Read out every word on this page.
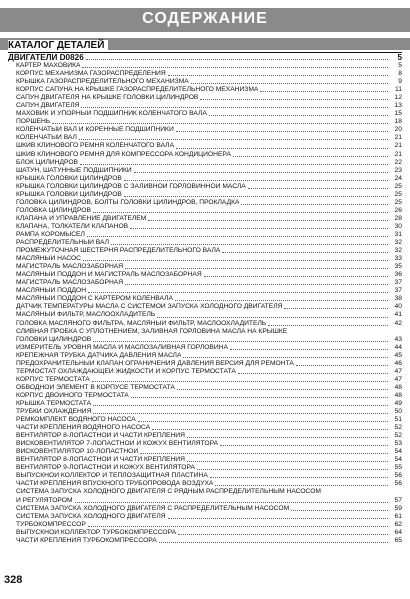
СОДЕРЖАНИЕ
КАТАЛОГ ДЕТАЛЕЙ
ДВИГАТЕЛИ D0826	5
КАРТЕР МАХОВИКА	5
КОРПУС МЕХАНИЗМА ГАЗОРАСПРЕДЕЛЕНИЯ	8
КРЫШКА ГАЗОРАСПРЕДЕЛИТЕЛЬНОГО МЕХАНИЗМА	9
КОРПУС САПУНА НА КРЫШКЕ ГАЗОРАСПРЕДЕЛИТЕЛЬНОГО МЕХАНИЗМА	11
САПУН ДВИГАТЕЛЯ НА КРЫШКЕ ГОЛОВКИ ЦИЛИНДРОВ	12
САПУН ДВИГАТЕЛЯ	13
МАХОВИК И УПОРНЫЙ ПОДШИПНИК КОЛЕНЧАТОГО ВАЛА	15
ПОРШЕНЬ	18
КОЛЕНЧАТЫЙ ВАЛ И КОРЕННЫЕ ПОДШИПНИКИ	20
КОЛЕНЧАТЫЙ ВАЛ	21
ШКИВ КЛИНОВОГО РЕМНЯ КОЛЕНЧАТОГО ВАЛА	21
ШКИВ КЛИНОВОГО РЕМНЯ ДЛЯ КОМПРЕССОРА КОНДИЦИОНЕРА	21
БЛОК ЦИЛИНДРОВ	22
ШАТУН, ШАТУННЫЕ ПОДШИПНИКИ	23
КРЫШКА ГОЛОВКИ ЦИЛИНДРОВ	24
КРЫШКА ГОЛОВКИ ЦИЛИНДРОВ С ЗАЛИВНОЙ ГОРЛОВИННОЙ МАСЛА	25
КРЫШКА ГОЛОВКИ ЦИЛИНДРОВ	25
ГОЛОВКА ЦИЛИНДРОВ, БОЛТЫ ГОЛОВКИ ЦИЛИНДРОВ, ПРОКЛАДКА	25
ГОЛОВКА ЦИЛИНДРОВ	26
КЛАПАНА И УПРАВЛЕНИЕ ДВИГАТЕЛЕМ	28
КЛАПАНА, ТОЛКАТЕЛИ КЛАПАНОВ	30
РАМПА КОРОМЫСЕЛ	31
РАСПРЕДЕЛИТЕЛЬНЫЙ ВАЛ	32
ПРОМЕЖУТОЧНАЯ ШЕСТЕРНЯ РАСПРЕДЕЛИТЕЛЬНОГО ВАЛА	32
МАСЛЯНЫЙ НАСОС	33
МАГИСТРАЛЬ МАСЛОЗАБОРНАЯ	35
МАСЛЯНЫЙ ПОДДОН И МАГИСТРАЛЬ МАСЛОЗАБОРНАЯ	36
МАГИСТРАЛЬ МАСЛОЗАБОРНАЯ	37
МАСЛЯНЫЙ ПОДДОН	37
МАСЛЯНЫЙ ПОДДОН С КАРТЕРОМ КОЛЕНВАЛА	38
ДАТЧИК ТЕМПЕРАТУРЫ МАСЛА С СИСТЕМОЙ ЗАПУСКА ХОЛОДНОГО ДВИГАТЕЛЯ	40
МАСЛЯНЫЙ ФИЛЬТР, МАСЛООХЛАДИТЕЛЬ	41
ГОЛОВКА МАСЛЯНОГО ФИЛЬТРА, МАСЛЯНЫЙ ФИЛЬТР, МАСЛООХЛАДИТЕЛЬ	42
СЛИВНАЯ ПРОБКА С УПЛОТНЕНИЕМ, ЗАЛИВНАЯ ГОРЛОВИНА МАСЛА НА КРЫШКЕ
ГОЛОВКИ ЦИЛИНДРОВ	43
ИЗМЕРИТЕЛЬ УРОВНЯ МАСЛА И МАСЛОЗАЛИВНАЯ ГОРЛОВИНА	44
КРЕПЕЖНАЯ ТРУБКА ДАТЧИКА ДАВЛЕНИЯ МАСЛА	45
ПРЕДОХРАНИТЕЛЬНЫЙ КЛАПАН ОГРАНИЧЕНИЯ ДАВЛЕНИЯ ВЕРСИЯ ДЛЯ РЕМОНТА	46
ТЕРМОСТАТ ОХЛАЖДАЮЩЕЙ ЖИДКОСТИ И КОРПУС ТЕРМОСТАТА	47
КОРПУС ТЕРМОСТАТА	47
ОБВОДНОЙ ЭЛЕМЕНТ В КОРПУСЕ ТЕРМОСТАТА	48
КОРПУС ДВОЙНОГО ТЕРМОСТАТА	48
КРЫШКА ТЕРМОСТАТА	49
ТРУБКИ ОХЛАЖДЕНИЯ	50
РЕМКОМПЛЕКТ ВОДЯНОГО НАСОСА	51
ЧАСТИ КРЕПЛЕНИЯ ВОДЯНОГО НАСОСА	52
ВЕНТИЛЯТОР 8-ЛОПАСТНОЙ И ЧАСТИ КРЕПЛЕНИЯ	52
ВИСКОВЕНТИЛЯТОР 7-ЛОПАСТНОЙ И КОЖУХ ВЕНТИЛЯТОРА	53
ВИСКОВЕНТИЛЯТОР 10-ЛОПАСТНОЙ	54
ВЕНТИЛЯТОР 8-ЛОПАСТНОЙ И ЧАСТИ КРЕПЛЕНИЯ	54
ВЕНТИЛЯТОР 9-ЛОПАСТНОЙ И КОЖУХ ВЕНТИЛЯТОРА	55
ВЫПУСКНОЙ КОЛЛЕКТОР И ТЕПЛОЗАЩИТНАЯ ПЛАСТИНА	56
ЧАСТИ КРЕПЛЕНИЯ ВПУСКНОГО ТРУБОПРОВОДА ВОЗДУХА	56
СИСТЕМА ЗАПУСКА ХОЛОДНОГО ДВИГАТЕЛЯ С РЯДНЫМ РАСПРЕДЕЛИТЕЛЬНЫМ НАСОСОМ
И РЕГУЛЯТОРОМ	57
СИСТЕМА ЗАПУСКА ХОЛОДНОГО ДВИГАТЕЛЯ С РАСПРЕДЕЛИТЕЛЬНЫМ НАСОСОМ	59
СИСТЕМА ЗАПУСКА ХОЛОДНОГО ДВИГАТЕЛЯ	61
ТУРБОКОМПРЕССОР	62
ВЫПУСКНОЙ КОЛЛЕКТОР ТУРБОКОМПРЕССОРА	64
ЧАСТИ КРЕПЛЕНИЯ ТУРБОКОМПРЕССОРА	65
328
